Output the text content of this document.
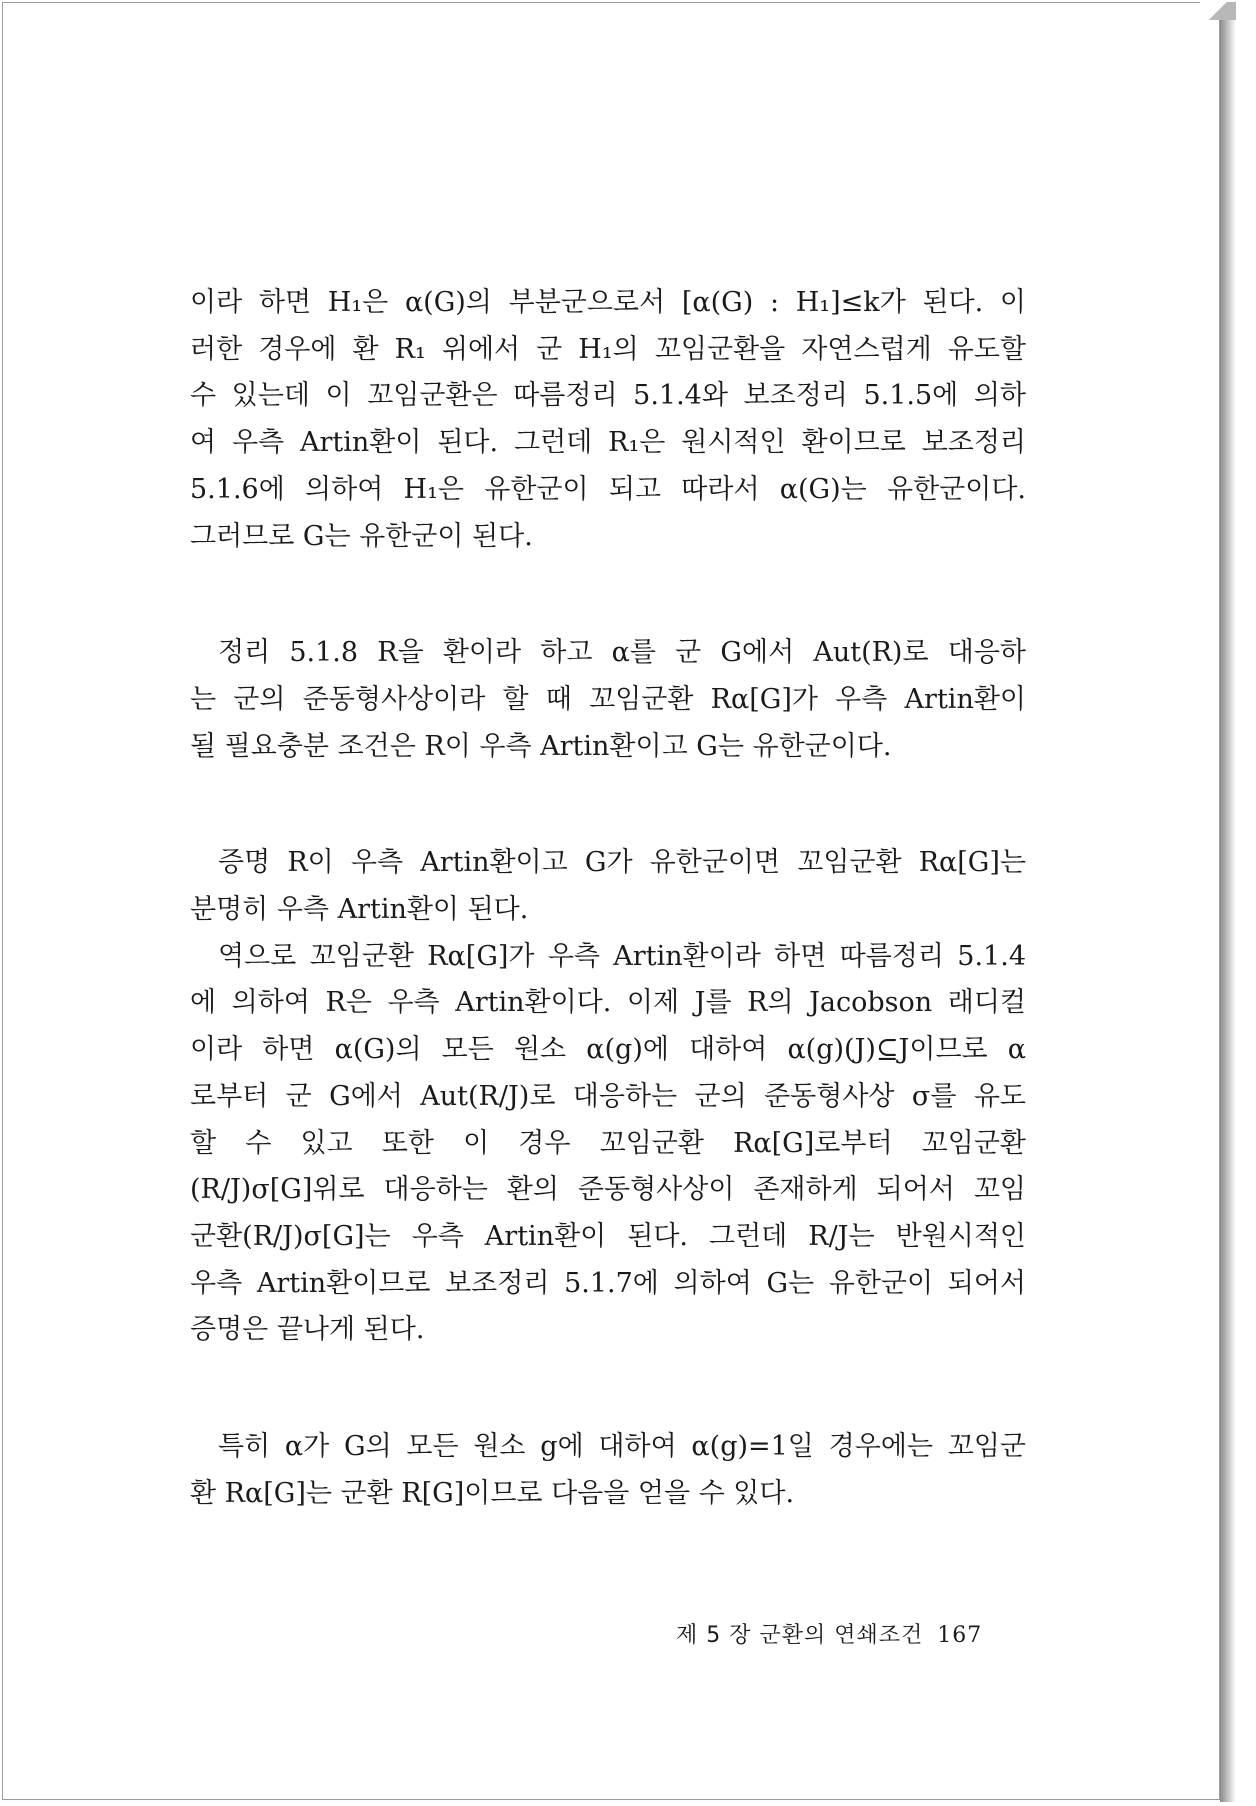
이라 하면 H₁은 α(G)의 부분군으로서 [α(G) : H₁]≤k가 된다. 이
러한 경우에 환 R₁ 위에서 군 H₁의 꼬임군환을 자연스럽게 유도할
수 있는데 이 꼬임군환은 따름정리 5.1.4와 보조정리 5.1.5에 의하
여 우측 Artin환이 된다. 그런데 R₁은 원시적인 환이므로 보조정리
5.1.6에 의하여 H₁은 유한군이 되고 따라서 α(G)는 유한군이다.
그러므로 G는 유한군이 된다.

정리 5.1.8 R을 환이라 하고 α를 군 G에서 Aut(R)로 대응하
는 군의 준동형사상이라 할 때 꼬임군환 Rα[G]가 우측 Artin환이
될 필요충분 조건은 R이 우측 Artin환이고 G는 유한군이다.

증명 R이 우측 Artin환이고 G가 유한군이면 꼬임군환 Rα[G]는
분명히 우측 Artin환이 된다.

역으로 꼬임군환 Rα[G]가 우측 Artin환이라 하면 따름정리 5.1.4
에 의하여 R은 우측 Artin환이다. 이제 J를 R의 Jacobson 래디컬
이라 하면 α(G)의 모든 원소 α(g)에 대하여 α(g)(J)⊆J이므로 α
로부터 군 G에서 Aut(R/J)로 대응하는 군의 준동형사상 σ를 유도
할 수 있고 또한 이 경우 꼬임군환 Rα[G]로부터 꼬임군환
(R/J)σ[G]위로 대응하는 환의 준동형사상이 존재하게 되어서 꼬임
군환(R/J)σ[G]는 우측 Artin환이 된다. 그런데 R/J는 반원시적인
우측 Artin환이므로 보조정리 5.1.7에 의하여 G는 유한군이 되어서
증명은 끝나게 된다.

특히 α가 G의 모든 원소 g에 대하여 α(g)=1일 경우에는 꼬임군
환 Rα[G]는 군환 R[G]이므로 다음을 얻을 수 있다.

제 5 장 군환의 연쇄조건 167
